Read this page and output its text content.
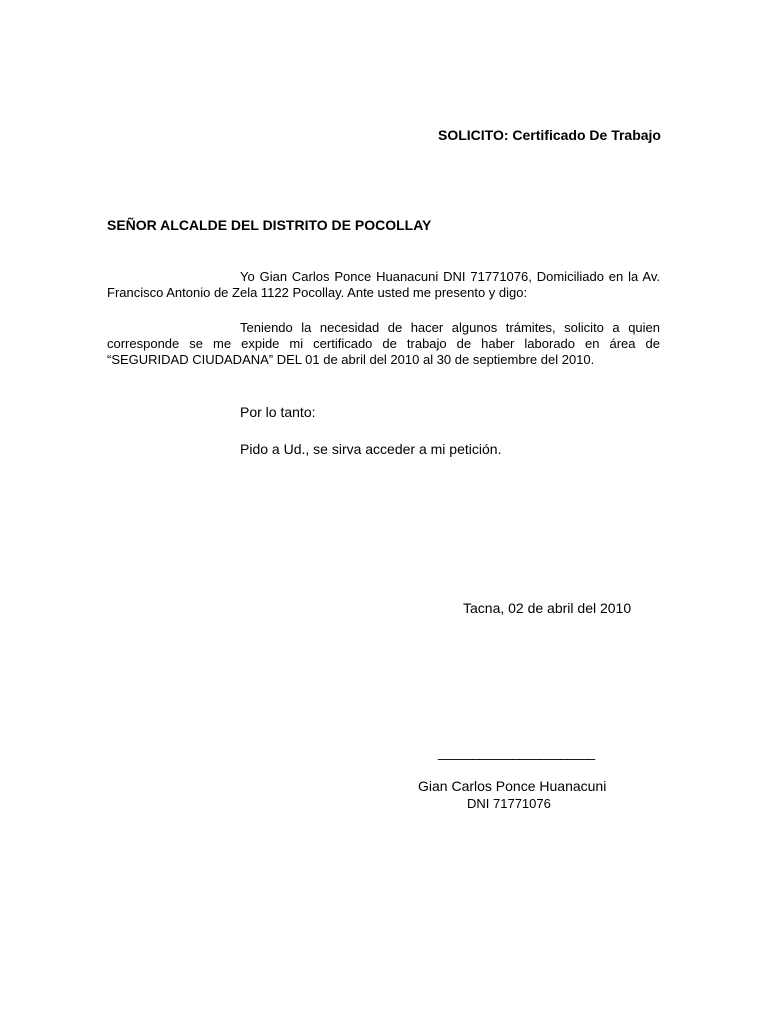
SOLICITO: Certificado De Trabajo
SEÑOR ALCALDE DEL DISTRITO DE POCOLLAY
Yo Gian Carlos Ponce Huanacuni DNI 71771076, Domiciliado en la Av. Francisco Antonio de Zela 1122 Pocollay. Ante usted me presento y digo:
Teniendo la necesidad de hacer algunos trámites, solicito a quien corresponde se me expide mi certificado de trabajo de haber laborado en área de “SEGURIDAD CIUDADANA” DEL 01 de abril del 2010 al 30 de septiembre del 2010.
Por lo tanto:
Pido a Ud., se sirva acceder a mi petición.
Tacna, 02 de abril del 2010
_______________________
Gian Carlos Ponce Huanacuni
DNI 71771076
